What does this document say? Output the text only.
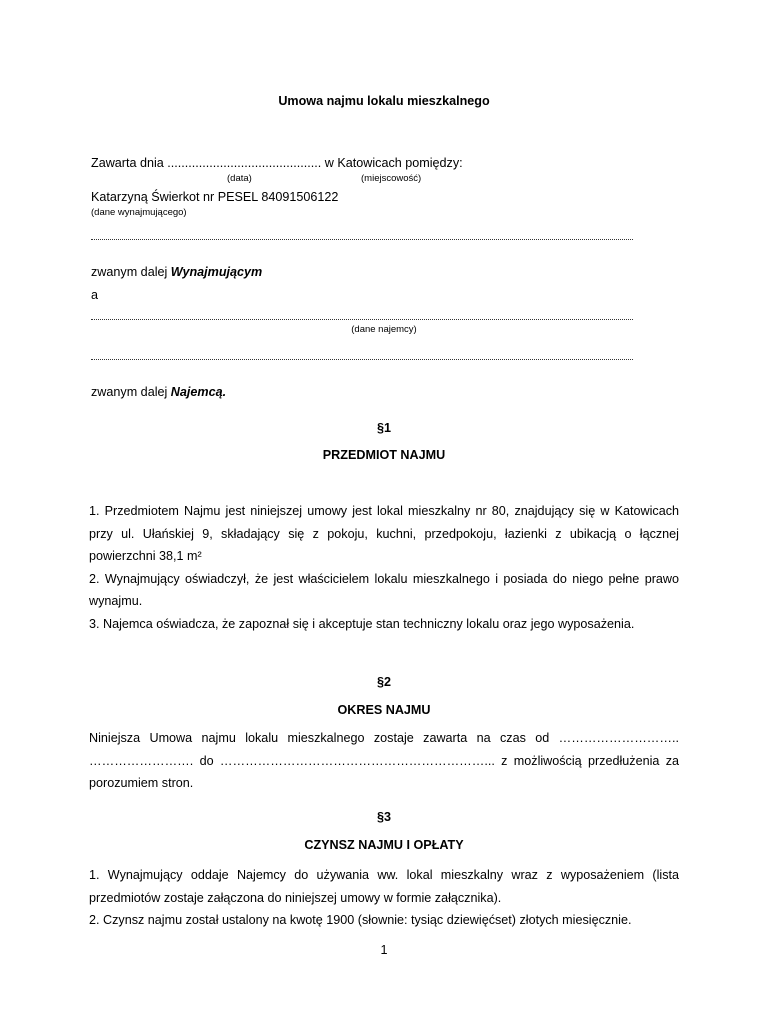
Umowa najmu lokalu mieszkalnego
Zawarta dnia ............................................ w Katowicach pomiędzy:
(data)	(miejscowość)
Katarzyną Świerkot nr PESEL 84091506122
(dane wynajmującego)
zwanym dalej Wynajmującym
a
(dane najemcy)
zwanym dalej Najemcą.
§1
PRZEDMIOT NAJMU
1. Przedmiotem Najmu jest niniejszej umowy jest lokal mieszkalny nr 80, znajdujący się w Katowicach
przy ul. Ułańskiej 9, składający się z pokoju, kuchni, przedpokoju, łazienki z ubikacją o łącznej
powierzchni 38,1 m²
2. Wynajmujący oświadczył, że jest właścicielem lokalu mieszkalnego i posiada do niego pełne prawo
wynajmu.
3. Najemca oświadcza, że zapoznał się i akceptuje stan techniczny lokalu oraz jego wyposażenia.
§2
OKRES NAJMU
Niniejsza Umowa najmu lokalu mieszkalnego zostaje zawarta na czas od ………………………..
……………………. do ………………………………………………………... z możliwością przedłużenia za
porozumiem stron.
§3
CZYNSZ NAJMU I OPŁATY
1. Wynajmujący oddaje Najemcy do używania ww. lokal mieszkalny wraz z wyposażeniem (lista
przedmiotów zostaje załączona do niniejszej umowy w formie załącznika).
2. Czynsz najmu został ustalony na kwotę 1900 (słownie: tysiąc dziewięćset) złotych miesięcznie.
1
